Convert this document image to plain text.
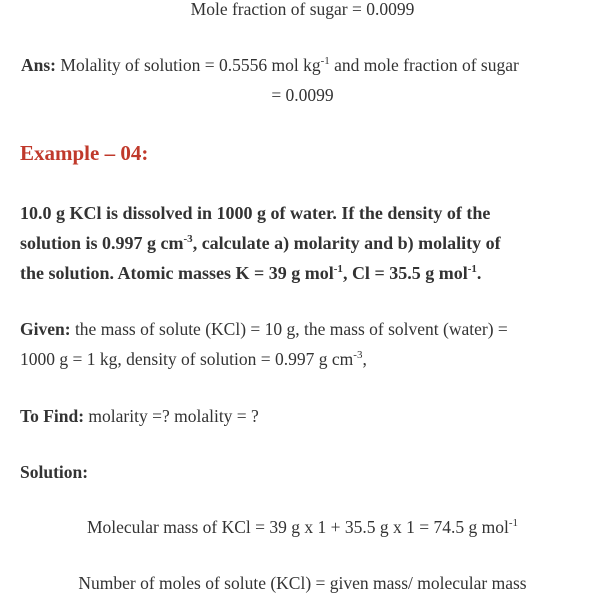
Mole fraction of sugar = 0.0099
Ans: Molality of solution = 0.5556 mol $kg^{-1}$ and mole fraction of sugar
= 0.0099
Example – 04:
10.0 g KCl is dissolved in 1000 g of water. If the density of the
solution is 0.997 g $cm^{-3}$, calculate a) molarity and b) molality of
the solution. Atomic masses K = 39 g mol$^{-1}$, Cl = 35.5 g mol$^{-1}$.
Given: the mass of solute (KCl) = 10 g, the mass of solvent (water) =
1000 g = 1 kg, density of solution = 0.997 g $cm^{-3}$,
To Find: molarity =? molality = ?
Solution:
Molecular mass of KCl = 39 g x 1 + 35.5 g x 1 = 74.5 g mol$^{-1}$
Number of moles of solute (KCl) = given mass/ molecular mass
